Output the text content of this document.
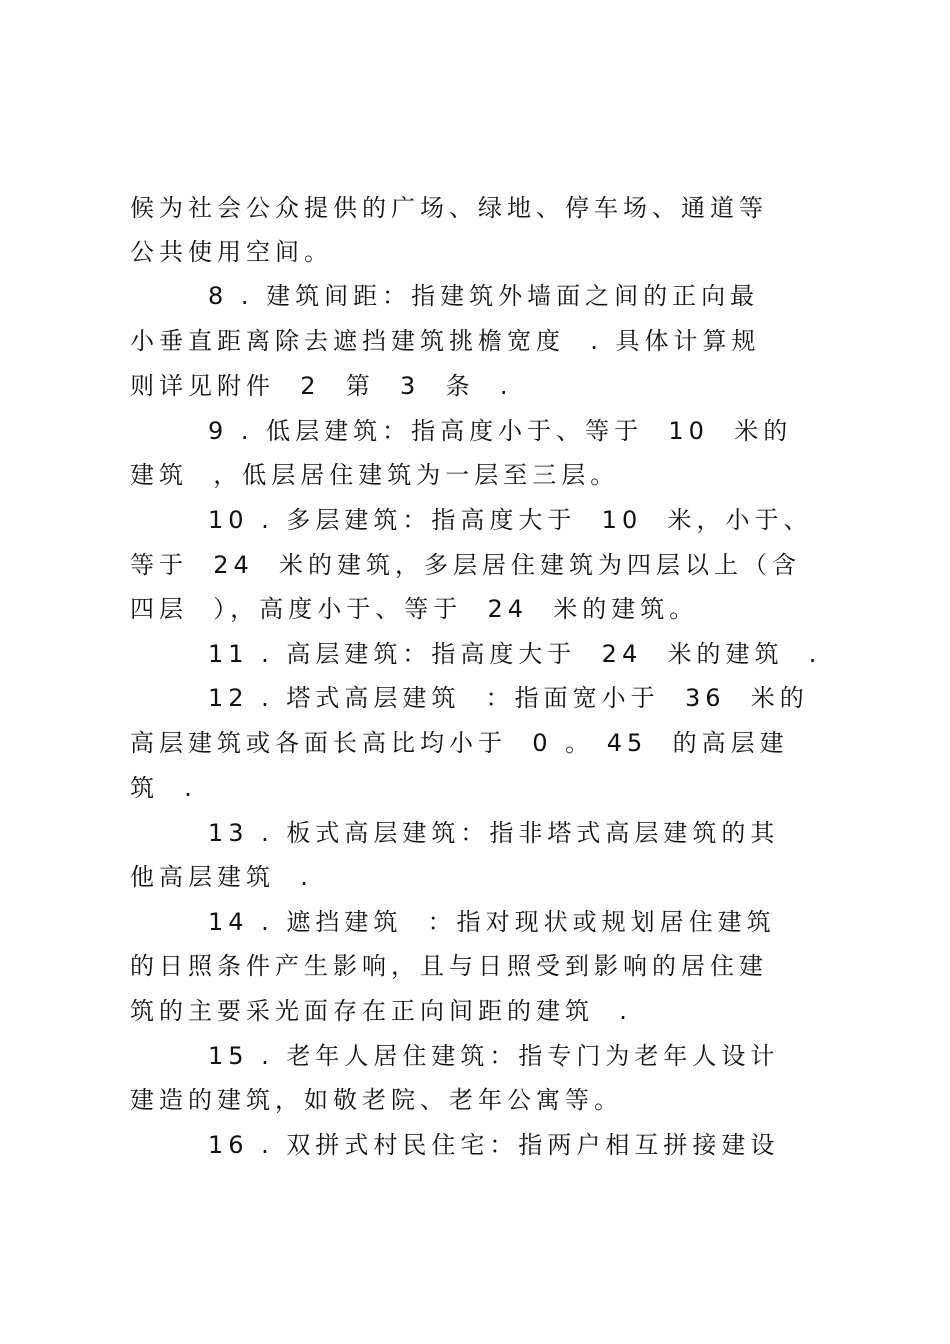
候为社会公众提供的广场、绿地、停车场、通道等
公共使用空间。
8 . 建筑间距：指建筑外墙面之间的正向最
小垂直距离除去遮挡建筑挑檐宽度  . 具体计算规
则详见附件  2  第  3  条  .
9 . 低层建筑：指高度小于、等于  10  米的
建筑  ，低层居住建筑为一层至三层。
10 . 多层建筑：指高度大于  10  米，小于、
等于  24  米的建筑，多层居住建筑为四层以上（含
四层  ），高度小于、等于  24  米的建筑。
11 . 高层建筑：指高度大于  24  米的建筑  .
12 . 塔式高层建筑  ：指面宽小于  36  米的
高层建筑或各面长高比均小于  0 。 45  的高层建
筑  .
13 . 板式高层建筑：指非塔式高层建筑的其
他高层建筑  .
14 . 遮挡建筑  ：指对现状或规划居住建筑
的日照条件产生影响，且与日照受到影响的居住建
筑的主要采光面存在正向间距的建筑  .
15 . 老年人居住建筑：指专门为老年人设计
建造的建筑，如敬老院、老年公寓等。
16 . 双拼式村民住宅：指两户相互拼接建设
